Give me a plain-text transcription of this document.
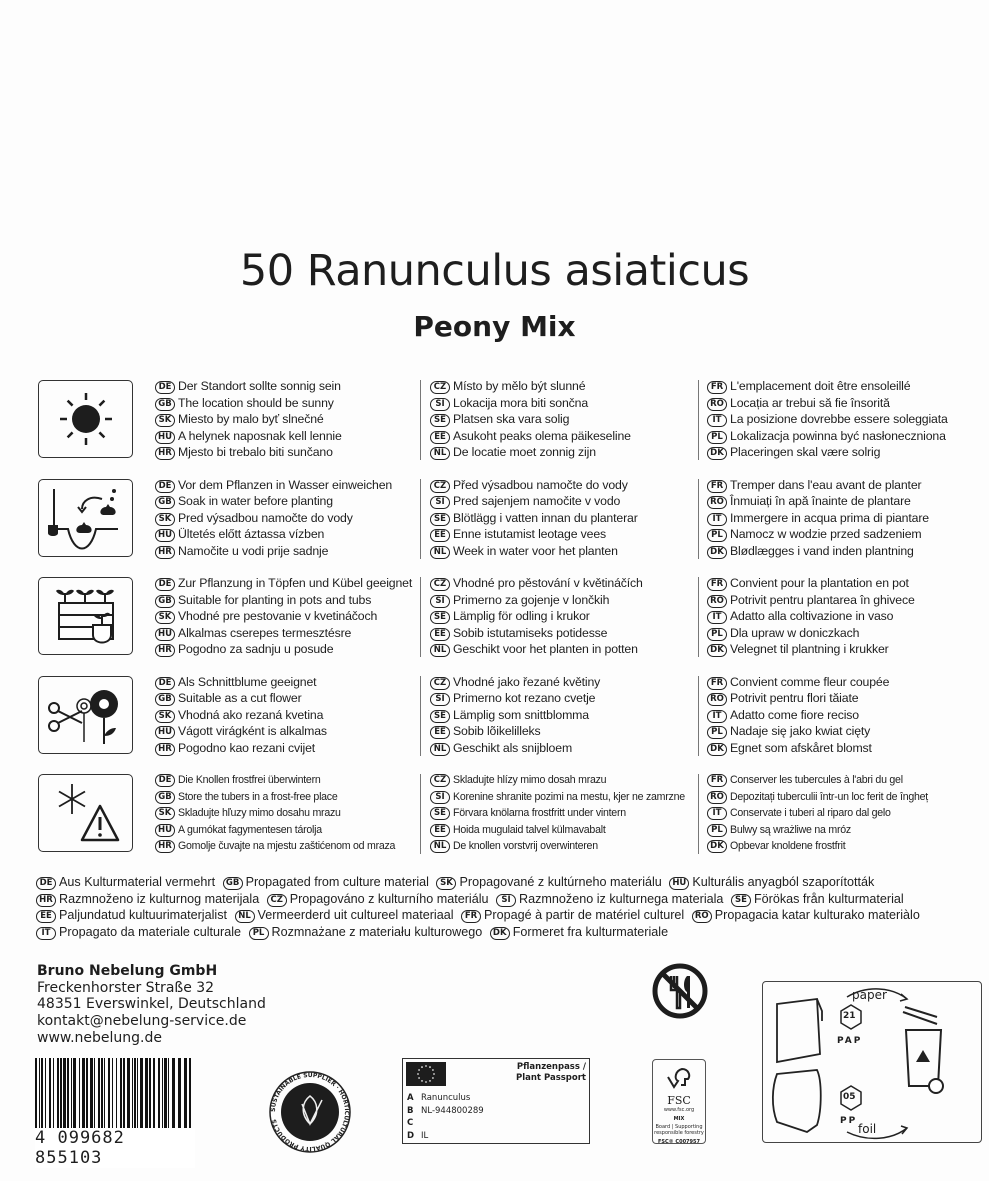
50 Ranunculus asiaticus
Peony Mix
DE Der Standort sollte sonnig sein
GB The location should be sunny
SK Miesto by malo byť slnečné
HU A helynek naposnak kell lennie
HR Mjesto bi trebalo biti sunčano
CZ Místo by mělo být slunné
SI Lokacija mora biti sončna
SE Platsen ska vara solig
EE Asukoht peaks olema päikeseline
NL De locatie moet zonnig zijn
FR L'emplacement doit être ensoleillé
RO Locația ar trebui să fie însorită
IT La posizione dovrebbe essere soleggiata
PL Lokalizacja powinna być nasłoneczniona
DK Placeringen skal være solrig
DE Vor dem Pflanzen in Wasser einweichen
GB Soak in water before planting
SK Pred výsadbou namočte do vody
HU Ültetés előtt áztassa vízben
HR Namočite u vodi prije sadnje
CZ Před výsadbou namočte do vody
SI Pred sajenjem namočite v vodo
SE Blötlägg i vatten innan du planterar
EE Enne istutamist leotage vees
NL Week in water voor het planten
FR Tremper dans l'eau avant de planter
RO Înmuiați în apă înainte de plantare
IT Immergere in acqua prima di piantare
PL Namocz w wodzie przed sadzeniem
DK Blødlægges i vand inden plantning
DE Zur Pflanzung in Töpfen und Kübel geeignet
GB Suitable for planting in pots and tubs
SK Vhodné pre pestovanie v kvetináčoch
HU Alkalmas cserepes termesztésre
HR Pogodno za sadnju u posude
CZ Vhodné pro pěstování v květináčích
SI Primerno za gojenje v lončkih
SE Lämplig för odling i krukor
EE Sobib istutamiseks potidesse
NL Geschikt voor het planten in potten
FR Convient pour la plantation en pot
RO Potrivit pentru plantarea în ghivece
IT Adatto alla coltivazione in vaso
PL Dla upraw w doniczkach
DK Velegnet til plantning i krukker
DE Als Schnittblume geeignet
GB Suitable as a cut flower
SK Vhodná ako rezaná kvetina
HU Vágott virágként is alkalmas
HR Pogodno kao rezani cvijet
CZ Vhodné jako řezané květiny
SI Primerno kot rezano cvetje
SE Lämplig som snittblomma
EE Sobib lõikelilleks
NL Geschikt als snijbloem
FR Convient comme fleur coupée
RO Potrivit pentru flori tăiate
IT Adatto come fiore reciso
PL Nadaje się jako kwiat cięty
DK Egnet som afskåret blomst
DE Die Knollen frostfrei überwintern
GB Store the tubers in a frost-free place
SK Skladujte hľuzy mimo dosahu mrazu
HU A gumókat fagymentesen tárolja
HR Gomolje čuvajte na mjestu zaštićenom od mraza
CZ Skladujte hlízy mimo dosah mrazu
SI Korenine shranite pozimi na mestu, kjer ne zamrzne
SE Förvara knölarna frostfritt under vintern
EE Hoida mugulaid talvel külmavabalt
NL De knollen vorstvrij overwinteren
FR Conserver les tubercules à l'abri du gel
RO Depozitați tuberculii într-un loc ferit de îngheț
IT Conservate i tuberi al riparo dal gelo
PL Bulwy są wrażliwe na mróz
DK Opbevar knoldene frostfrit
DE Aus Kulturmaterial vermehrt GB Propagated from culture material SK Propagované z kultúrneho materiálu HU Kulturális anyagból szaporították
HR Razmnoženo iz kulturnog materijala CZ Propagováno z kulturního materiálu SI Razmnoženo iz kulturnega materiala SE Förökas från kulturmaterial
EE Paljundatud kultuurimaterjalist NL Vermeerderd uit cultureel materiaal FR Propagé à partir de matériel culturel RO Propagacia katar kulturako materiàlo
IT Propagato da materiale culturale PL Rozmnażane z materiału kulturowego DK Formeret fra kulturmateriale
Bruno Nebelung GmbH
Freckenhorster Straße 32
48351 Everswinkel, Deutschland
kontakt@nebelung-service.de
www.nebelung.de
4 099682 855103
SUSTAINABLE SUPPLIER · HORTICULTURAL QUALITY PRODUCTS
Pflanzenpass /
Plant Passport
A Ranunculus
B NL-944800289
C
D IL
FSC
www.fsc.org
MIX
Board | Supporting responsible forestry
FSC® C007957
paper
foil
21
PAP
05
PP
